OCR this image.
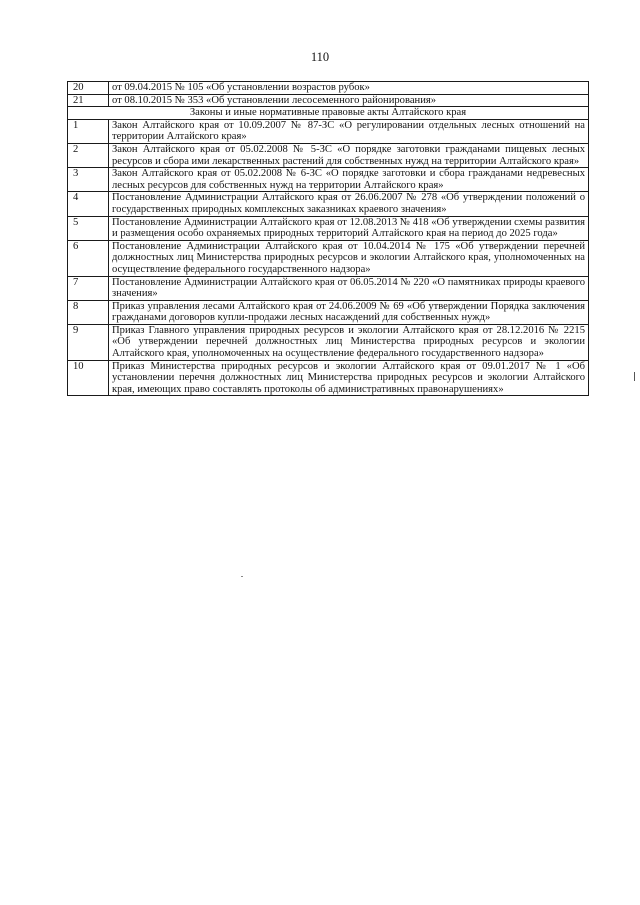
110
20	от 09.04.2015 № 105 «Об установлении возрастов рубок»
21	от 08.10.2015 № 353 «Об установлении лесосеменного районирования»
Законы и иные нормативные правовые акты Алтайского края	
1	Закон Алтайского края от 10.09.2007 № 87-ЗС «О регулировании отдельных лесных отношений на территории Алтайского края»
2	Закон Алтайского края от 05.02.2008 № 5-ЗС «О порядке заготовки гражданами пищевых лесных ресурсов и сбора ими лекарственных растений для собственных нужд на территории Алтайского края»
3	Закон Алтайского края от 05.02.2008 № 6-ЗС «О порядке заготовки и сбора гражданами недревесных лесных ресурсов для собственных нужд на территории Алтайского края»
4	Постановление Администрации Алтайского края от 26.06.2007 № 278 «Об утверждении положений о государственных природных комплексных заказниках краевого значения»
5	Постановление Администрации Алтайского края от 12.08.2013 № 418 «Об утверждении схемы развития и размещения особо охраняемых природных территорий Алтайского края на период до 2025 года»
6	Постановление Администрации Алтайского края от 10.04.2014 № 175 «Об утверждении перечней должностных лиц Министерства природных ресурсов и экологии Алтайского края, уполномоченных на осуществление федерального государственного надзора»
7	Постановление Администрации Алтайского края от 06.05.2014 № 220 «О памятниках природы краевого значения»
8	Приказ управления лесами Алтайского края от 24.06.2009 № 69 «Об утверждении Порядка заключения гражданами договоров купли-продажи лесных насаждений для собственных нужд»
9	Приказ Главного управления природных ресурсов и экологии Алтайского края от 28.12.2016 № 2215 «Об утверждении перечней должностных лиц Министерства природных ресурсов и экологии Алтайского края, уполномоченных на осуществление федерального государственного надзора»
10	Приказ Министерства природных ресурсов и экологии Алтайского края от 09.01.2017 № 1 «Об установлении перечня должностных лиц Министерства природных ресурсов и экологии Алтайского края, имеющих право составлять протоколы об административных правонарушениях»
